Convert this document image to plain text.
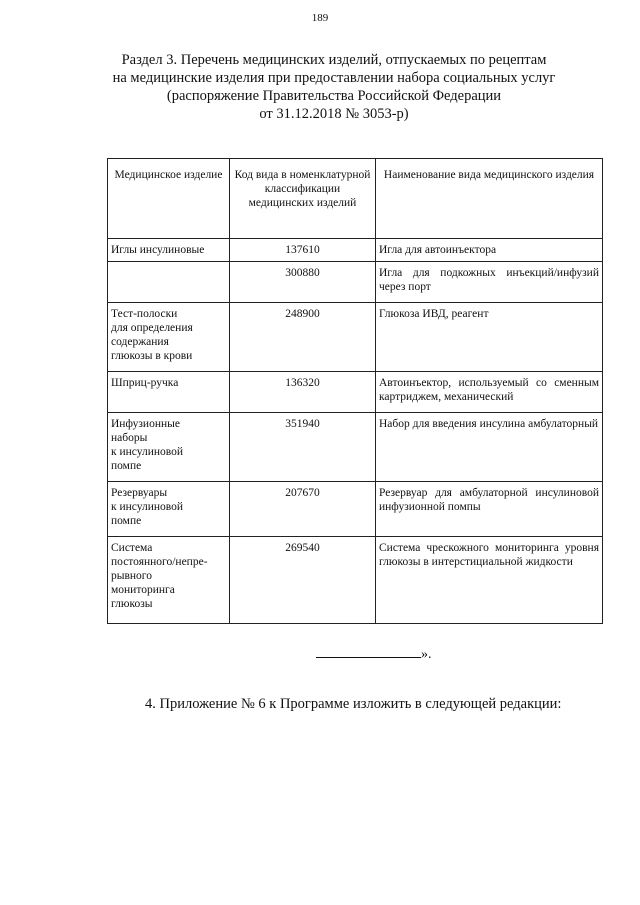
189
Раздел 3. Перечень медицинских изделий, отпускаемых по рецептам
на медицинские изделия при предоставлении набора социальных услуг
(распоряжение Правительства Российской Федерации
от 31.12.2018 № 3053-р)
Медицинское изделие	Код вида в номенклатурной классификации медицинских изделий	Наименование вида медицинского изделия
Иглы инсулиновые	137610	Игла для автоинъектора
	300880	Игла для подкожных инъекций/инфузий через порт
Тест-полоски
для определения
содержания
глюкозы в крови	248900	Глюкоза ИВД, реагент
Шприц-ручка	136320	Автоинъектор, используемый со сменным картриджем, механический
Инфузионные
наборы
к инсулиновой
помпе	351940	Набор для введения инсулина амбулаторный
Резервуары
к инсулиновой
помпе	207670	Резервуар для амбулаторной инсулиновой инфузионной помпы
Система
постоянного/непре-
рывного
мониторинга
глюкозы	269540	Система чрескожного мониторинга уровня глюкозы в интерстициальной жидкости
».
4. Приложение № 6 к Программе изложить в следующей редакции:
